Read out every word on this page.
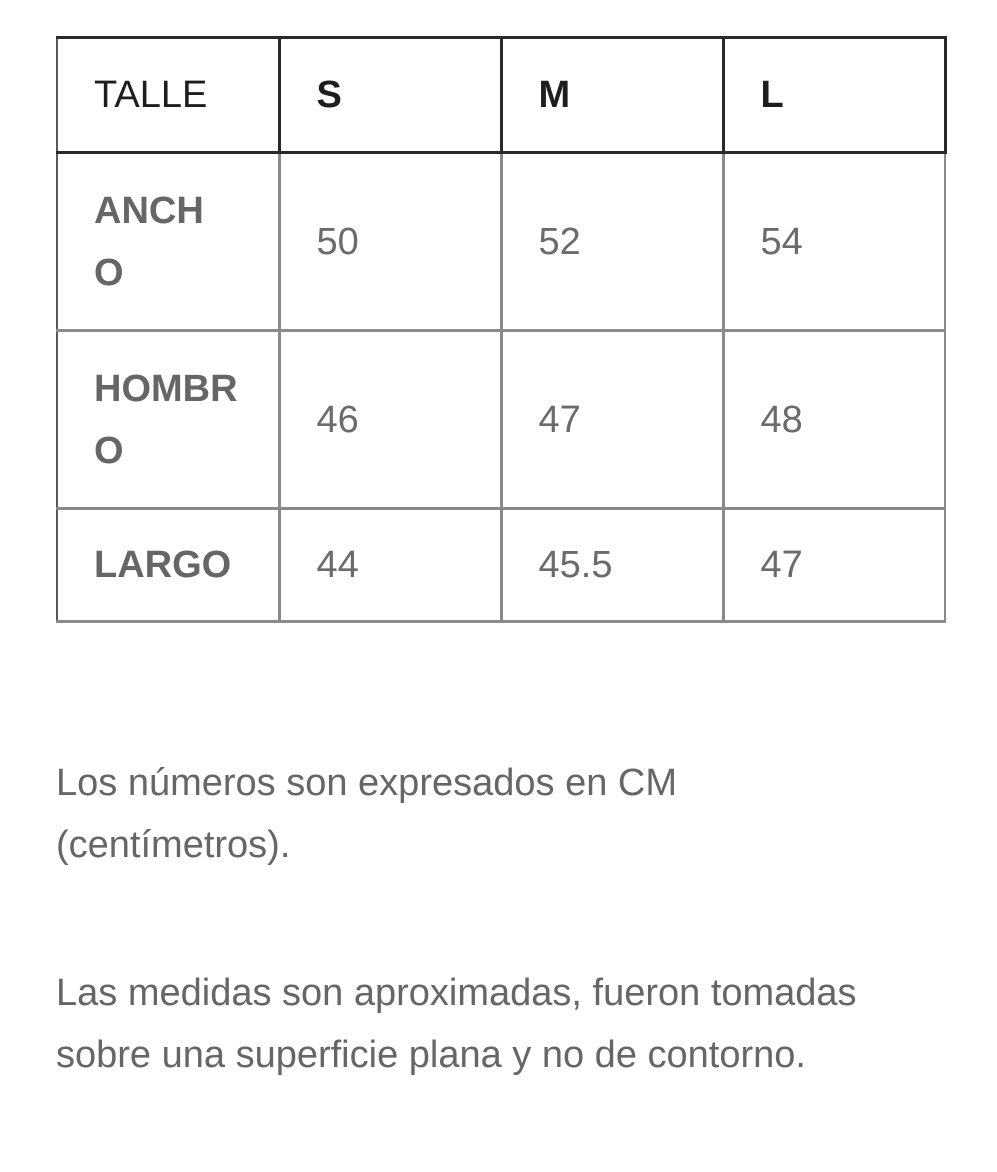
TALLE	S	M	L

ANCHO	50	52	54

HOMBRO	46	47	48

LARGO	44	45.5	47

Los números son expresados en CM (centímetros).

Las medidas son aproximadas, fueron tomadas sobre una superficie plana y no de contorno.
